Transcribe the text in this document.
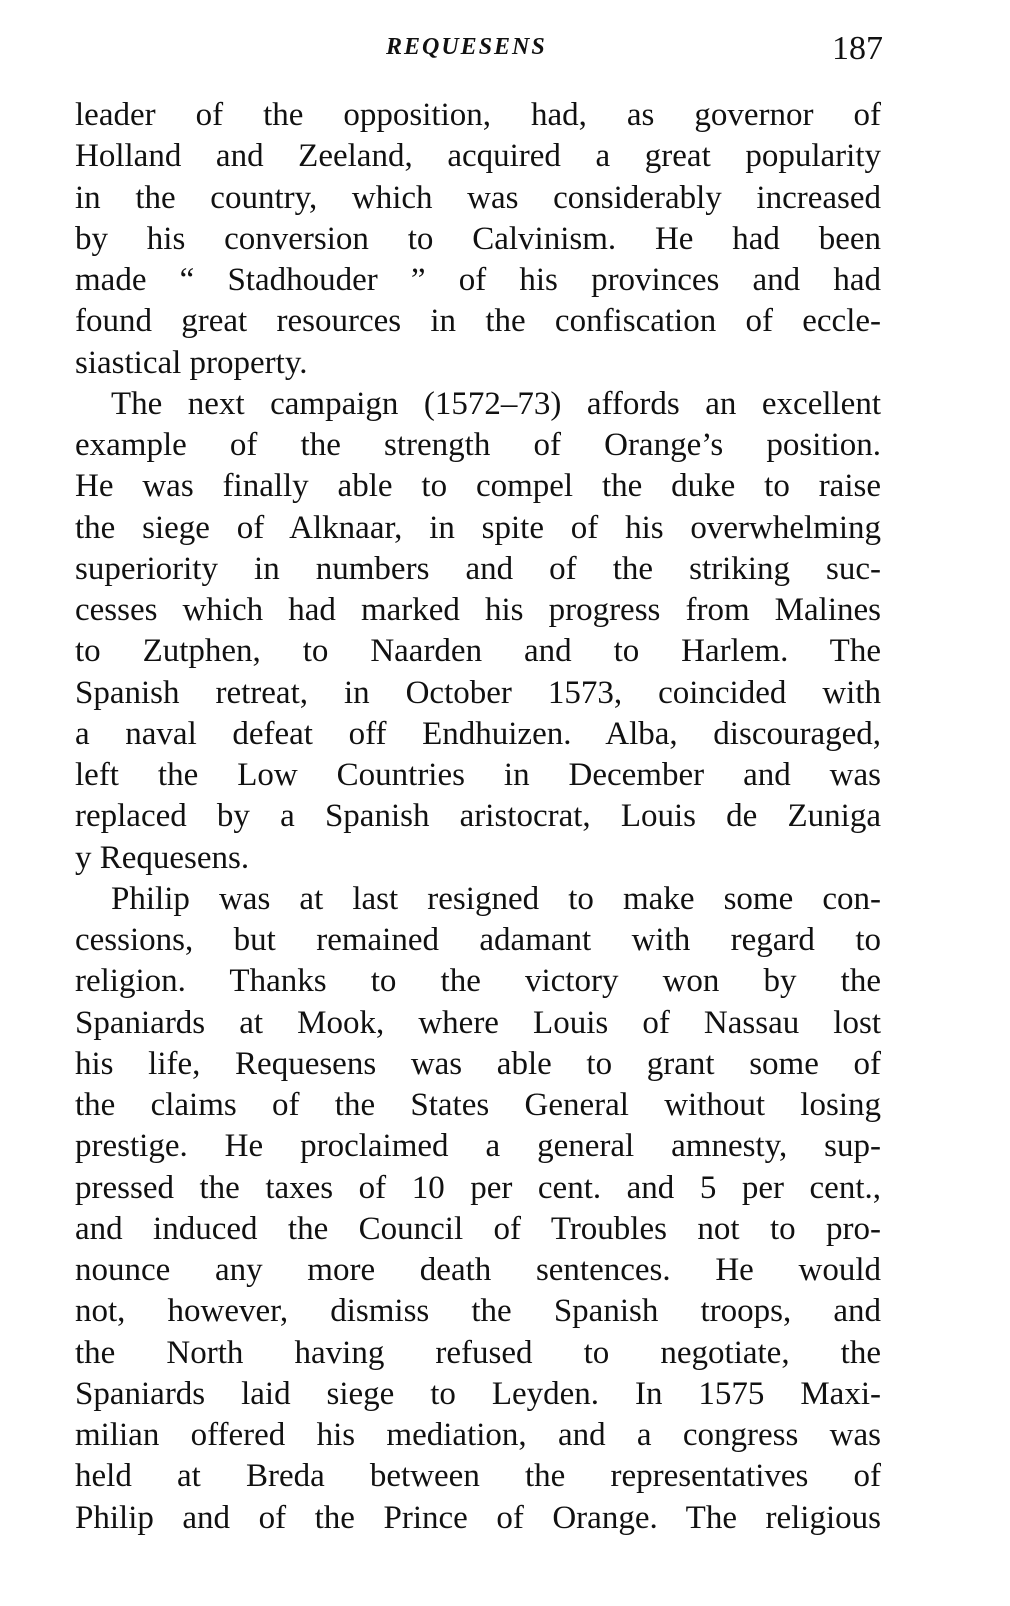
REQUESENS	187
leader of the opposition, had, as governor of
Holland and Zeeland, acquired a great popularity
in the country, which was considerably increased
by his conversion to Calvinism. He had been
made “ Stadhouder ” of his provinces and had
found great resources in the confiscation of eccle-
siastical property.
The next campaign (1572–73) affords an excellent
example of the strength of Orange’s position.
He was finally able to compel the duke to raise
the siege of Alknaar, in spite of his overwhelming
superiority in numbers and of the striking suc-
cesses which had marked his progress from Malines
to Zutphen, to Naarden and to Harlem. The
Spanish retreat, in October 1573, coincided with
a naval defeat off Endhuizen. Alba, discouraged,
left the Low Countries in December and was
replaced by a Spanish aristocrat, Louis de Zuniga
y Requesens.
Philip was at last resigned to make some con-
cessions, but remained adamant with regard to
religion. Thanks to the victory won by the
Spaniards at Mook, where Louis of Nassau lost
his life, Requesens was able to grant some of
the claims of the States General without losing
prestige. He proclaimed a general amnesty, sup-
pressed the taxes of 10 per cent. and 5 per cent.,
and induced the Council of Troubles not to pro-
nounce any more death sentences. He would
not, however, dismiss the Spanish troops, and
the North having refused to negotiate, the
Spaniards laid siege to Leyden. In 1575 Maxi-
milian offered his mediation, and a congress was
held at Breda between the representatives of
Philip and of the Prince of Orange. The religious
